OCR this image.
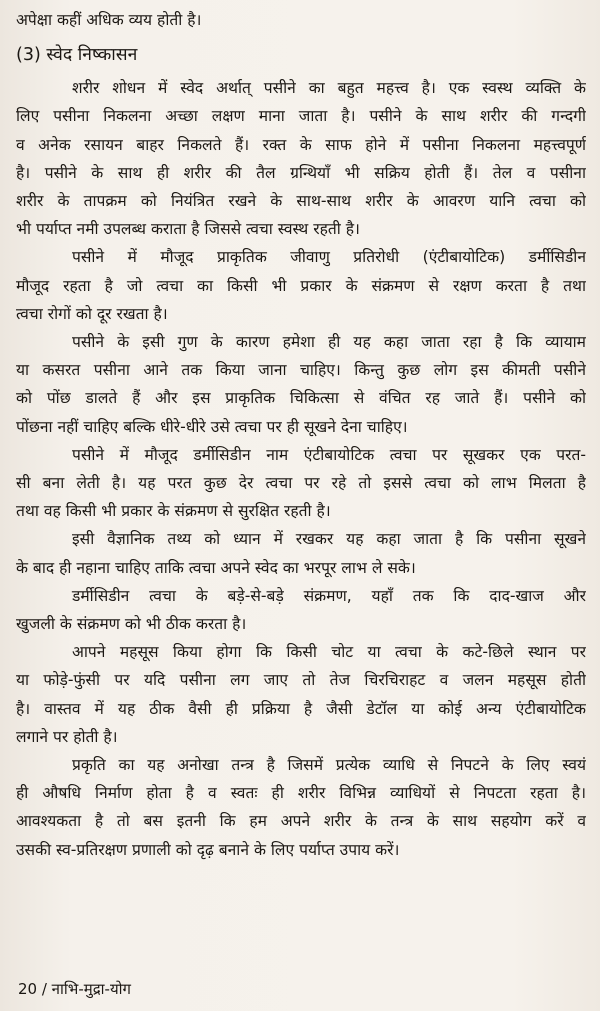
अपेक्षा कहीं अधिक व्यय होती है।
(3) स्वेद निष्कासन
शरीर शोधन में स्वेद अर्थात् पसीने का बहुत महत्त्व है। एक स्वस्थ व्यक्ति के
लिए पसीना निकलना अच्छा लक्षण माना जाता है। पसीने के साथ शरीर की गन्दगी
व अनेक रसायन बाहर निकलते हैं। रक्त के साफ होने में पसीना निकलना महत्त्वपूर्ण
है। पसीने के साथ ही शरीर की तैल ग्रन्थियाँ भी सक्रिय होती हैं। तेल व पसीना
शरीर के तापक्रम को नियंत्रित रखने के साथ-साथ शरीर के आवरण यानि त्वचा को
भी पर्याप्त नमी उपलब्ध कराता है जिससे त्वचा स्वस्थ रहती है।
पसीने में मौजूद प्राकृतिक जीवाणु प्रतिरोधी (एंटीबायोटिक) डर्मीसिडीन
मौजूद रहता है जो त्वचा का किसी भी प्रकार के संक्रमण से रक्षण करता है तथा
त्वचा रोगों को दूर रखता है।
पसीने के इसी गुण के कारण हमेशा ही यह कहा जाता रहा है कि व्यायाम
या कसरत पसीना आने तक किया जाना चाहिए। किन्तु कुछ लोग इस कीमती पसीने
को पोंछ डालते हैं और इस प्राकृतिक चिकित्सा से वंचित रह जाते हैं। पसीने को
पोंछना नहीं चाहिए बल्कि धीरे-धीरे उसे त्वचा पर ही सूखने देना चाहिए।
पसीने में मौजूद डर्मीसिडीन नाम एंटीबायोटिक त्वचा पर सूखकर एक परत-
सी बना लेती है। यह परत कुछ देर त्वचा पर रहे तो इससे त्वचा को लाभ मिलता है
तथा वह किसी भी प्रकार के संक्रमण से सुरक्षित रहती है।
इसी वैज्ञानिक तथ्य को ध्यान में रखकर यह कहा जाता है कि पसीना सूखने
के बाद ही नहाना चाहिए ताकि त्वचा अपने स्वेद का भरपूर लाभ ले सके।
डर्मीसिडीन त्वचा के बड़े-से-बड़े संक्रमण, यहाँ तक कि दाद-खाज और
खुजली के संक्रमण को भी ठीक करता है।
आपने महसूस किया होगा कि किसी चोट या त्वचा के कटे-छिले स्थान पर
या फोड़े-फुंसी पर यदि पसीना लग जाए तो तेज चिरचिराहट व जलन महसूस होती
है। वास्तव में यह ठीक वैसी ही प्रक्रिया है जैसी डेटॉल या कोई अन्य एंटीबायोटिक
लगाने पर होती है।
प्रकृति का यह अनोखा तन्त्र है जिसमें प्रत्येक व्याधि से निपटने के लिए स्वयं
ही औषधि निर्माण होता है व स्वतः ही शरीर विभिन्न व्याधियों से निपटता रहता है।
आवश्यकता है तो बस इतनी कि हम अपने शरीर के तन्त्र के साथ सहयोग करें व
उसकी स्व-प्रतिरक्षण प्रणाली को दृढ़ बनाने के लिए पर्याप्त उपाय करें।
20 / नाभि-मुद्रा-योग
